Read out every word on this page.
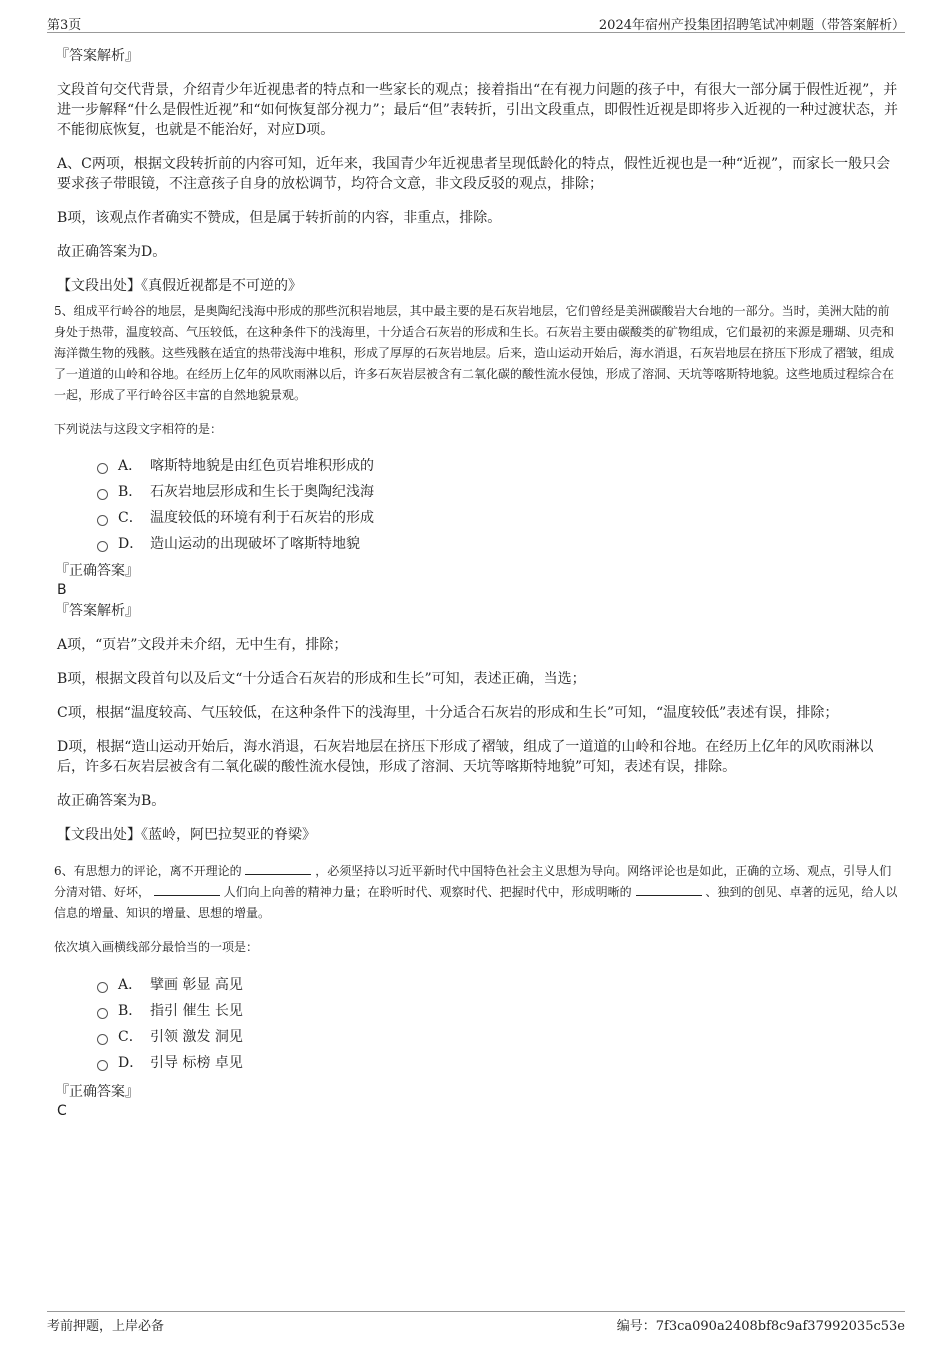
第3页	2024年宿州产投集团招聘笔试冲刺题（带答案解析）
『答案解析』

文段首句交代背景，介绍青少年近视患者的特点和一些家长的观点；接着指出“在有视力问题的孩子中，有很大一部分属于假性近视”，并进一步解释“什么是假性近视”和“如何恢复部分视力”；最后“但”表转折，引出文段重点，即假性近视是即将步入近视的一种过渡状态，并不能彻底恢复，也就是不能治好，对应D项。

A、C两项，根据文段转折前的内容可知，近年来，我国青少年近视患者呈现低龄化的特点，假性近视也是一种“近视”，而家长一般只会要求孩子带眼镜，不注意孩子自身的放松调节，均符合文意，非文段反驳的观点，排除；

B项，该观点作者确实不赞成，但是属于转折前的内容，非重点，排除。

故正确答案为D。

【文段出处】《真假近视都是不可逆的》

5、组成平行岭谷的地层，是奥陶纪浅海中形成的那些沉积岩地层，其中最主要的是石灰岩地层，它们曾经是美洲碳酸岩大台地的一部分。当时，美洲大陆的前身处于热带，温度较高、气压较低，在这种条件下的浅海里，十分适合石灰岩的形成和生长。石灰岩主要由碳酸类的矿物组成，它们最初的来源是珊瑚、贝壳和海洋微生物的残骸。这些残骸在适宜的热带浅海中堆积，形成了厚厚的石灰岩地层。后来，造山运动开始后，海水消退，石灰岩地层在挤压下形成了褶皱，组成了一道道的山岭和谷地。在经历上亿年的风吹雨淋以后，许多石灰岩层被含有二氧化碳的酸性流水侵蚀，形成了溶洞、天坑等喀斯特地貌。这些地质过程综合在一起，形成了平行岭谷区丰富的自然地貌景观。

下列说法与这段文字相符的是：

A． 喀斯特地貌是由红色页岩堆积形成的
B． 石灰岩地层形成和生长于奥陶纪浅海
C． 温度较低的环境有利于石灰岩的形成
D． 造山运动的出现破坏了喀斯特地貌
『正确答案』
B
『答案解析』

A项，“页岩”文段并未介绍，无中生有，排除；

B项，根据文段首句以及后文“十分适合石灰岩的形成和生长”可知，表述正确，当选；

C项，根据“温度较高、气压较低，在这种条件下的浅海里，十分适合石灰岩的形成和生长”可知，“温度较低”表述有误，排除；

D项，根据“造山运动开始后，海水消退，石灰岩地层在挤压下形成了褶皱，组成了一道道的山岭和谷地。在经历上亿年的风吹雨淋以后，许多石灰岩层被含有二氧化碳的酸性流水侵蚀，形成了溶洞、天坑等喀斯特地貌”可知，表述有误，排除。

故正确答案为B。

【文段出处】《蓝岭，阿巴拉契亚的脊梁》

6、有思想力的评论，离不开理论的	，必须坚持以习近平新时代中国特色社会主义思想为导向。网络评论也是如此，正确的立场、观点，引导人们分清对错、好坏，	人们向上向善的精神力量；在聆听时代、观察时代、把握时代中，形成明晰的	、独到的创见、卓著的远见，给人以信息的增量、知识的增量、思想的增量。

依次填入画横线部分最恰当的一项是：

A． 擘画 彰显 高见
B． 指引 催生 长见
C． 引领 激发 洞见
D． 引导 标榜 卓见
『正确答案』
C
考前押题，上岸必备	编号：7f3ca090a2408bf8c9af37992035c53e
